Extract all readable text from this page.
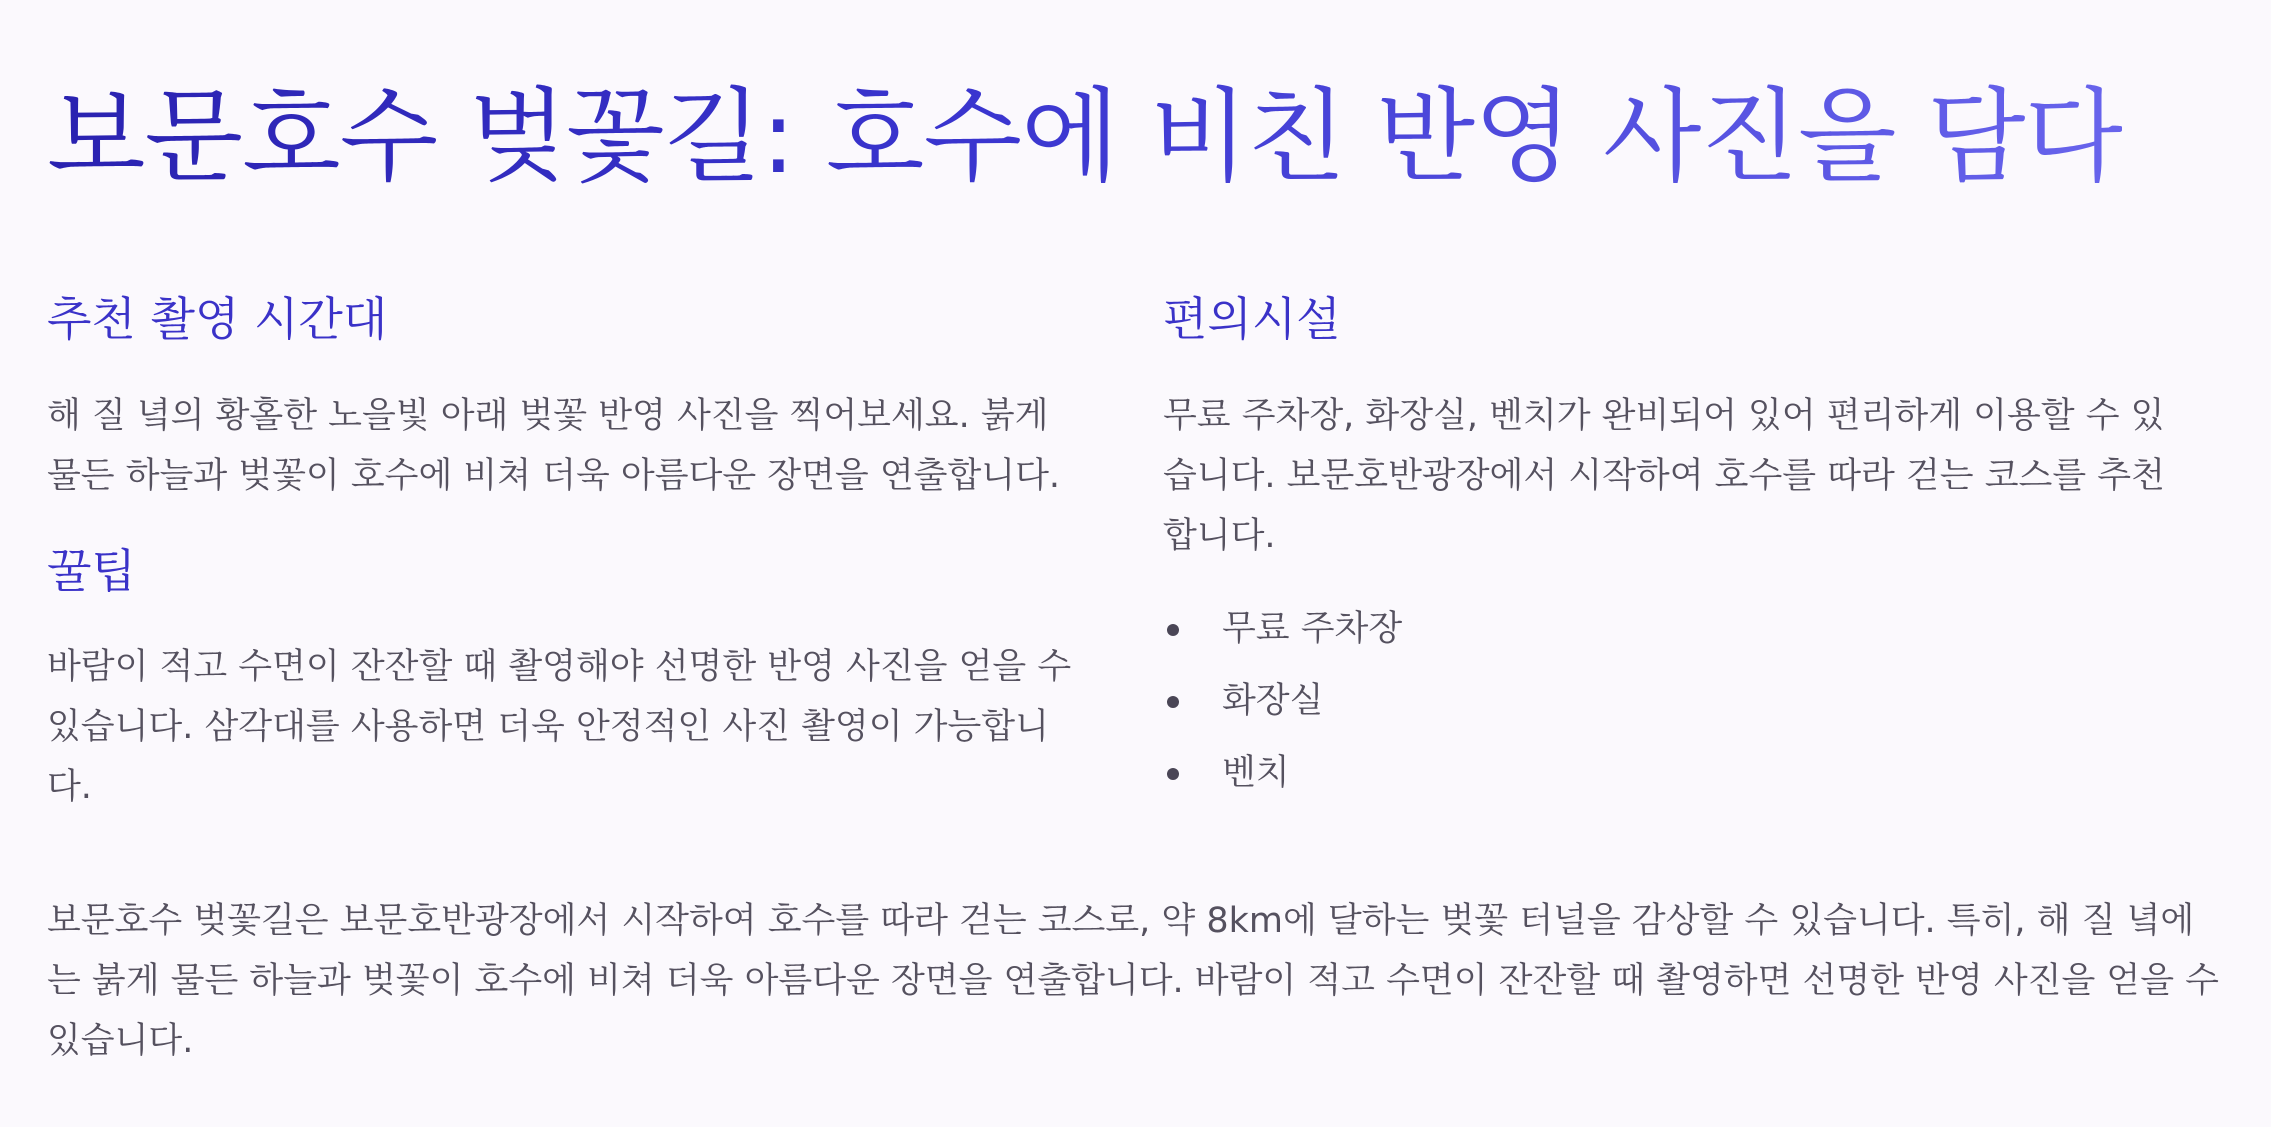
보문호수 벚꽃길: 호수에 비친 반영 사진을 담다
추천 촬영 시간대

해 질 녘의 황홀한 노을빛 아래 벚꽃 반영 사진을 찍어보세요. 붉게 물든 하늘과 벚꽃이 호수에 비쳐 더욱 아름다운 장면을 연출합니다.

꿀팁

바람이 적고 수면이 잔잔할 때 촬영해야 선명한 반영 사진을 얻을 수 있습니다. 삼각대를 사용하면 더욱 안정적인 사진 촬영이 가능합니다.

편의시설

무료 주차장, 화장실, 벤치가 완비되어 있어 편리하게 이용할 수 있습니다. 보문호반광장에서 시작하여 호수를 따라 걷는 코스를 추천합니다.

무료 주차장
화장실
벤치

보문호수 벚꽃길은 보문호반광장에서 시작하여 호수를 따라 걷는 코스로, 약 8km에 달하는 벚꽃 터널을 감상할 수 있습니다. 특히, 해 질 녘에는 붉게 물든 하늘과 벚꽃이 호수에 비쳐 더욱 아름다운 장면을 연출합니다. 바람이 적고 수면이 잔잔할 때 촬영하면 선명한 반영 사진을 얻을 수 있습니다.
